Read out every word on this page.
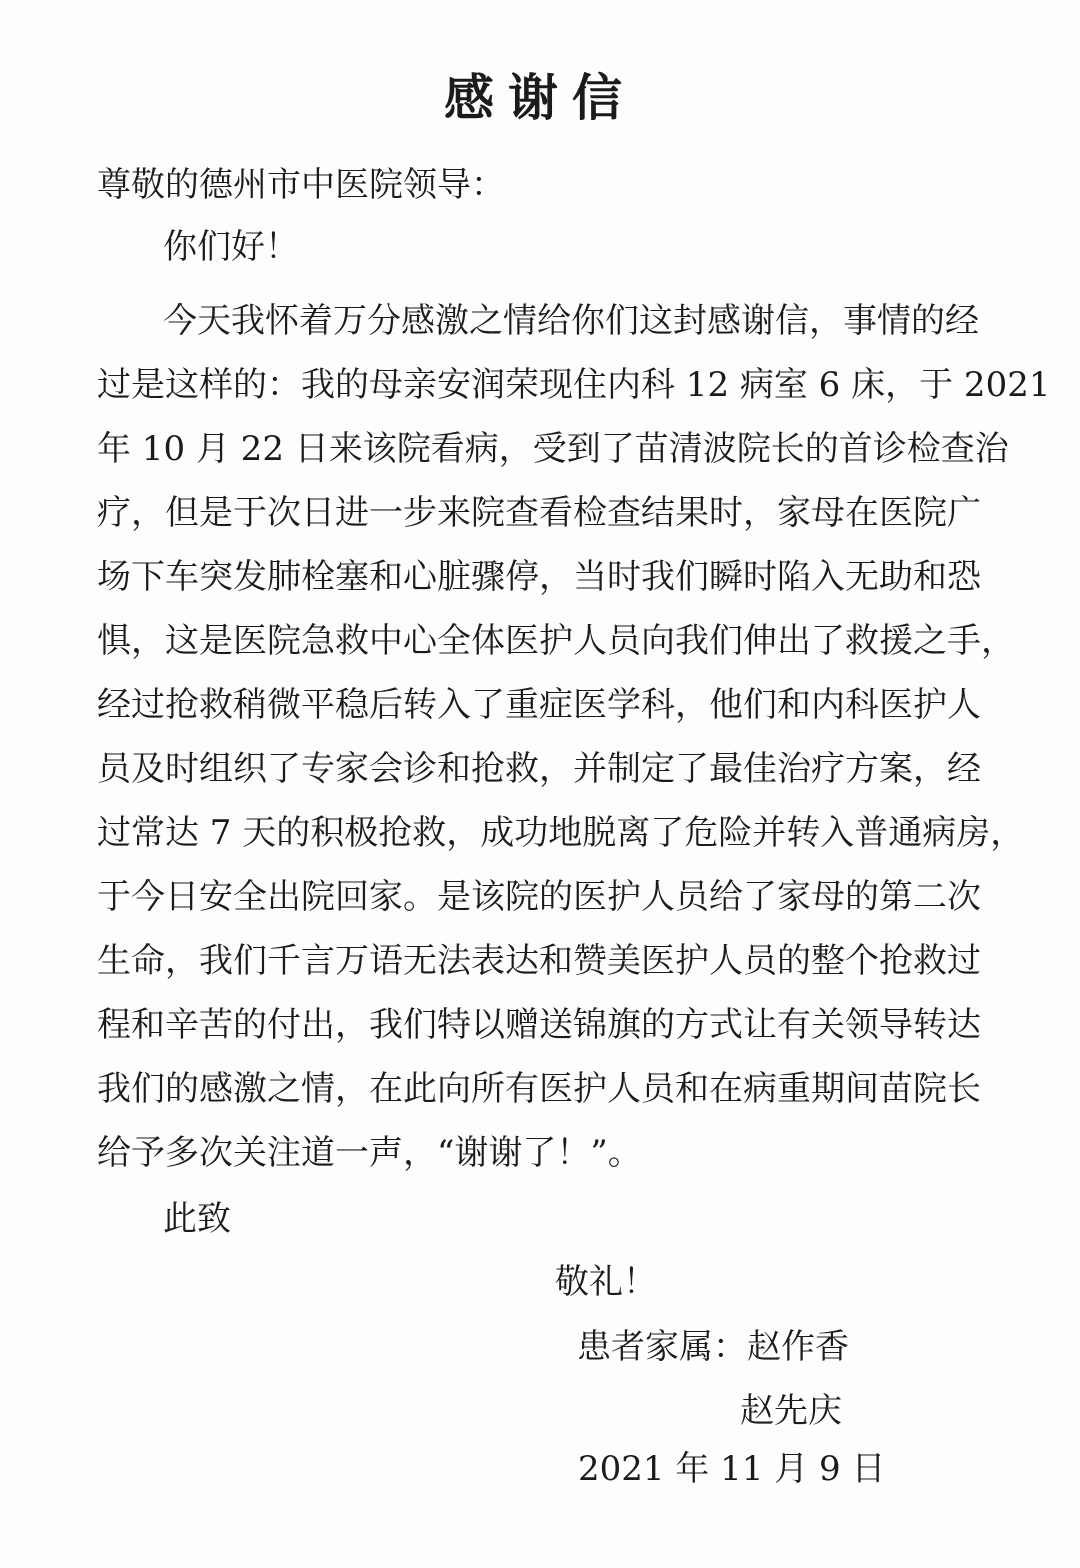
感谢信
尊敬的德州市中医院领导：
你们好！
今天我怀着万分感激之情给你们这封感谢信，事情的经
过是这样的：我的母亲安润荣现住内科 12 病室 6 床，于 2021
年 10 月 22 日来该院看病，受到了苗清波院长的首诊检查治
疗，但是于次日进一步来院查看检查结果时，家母在医院广
场下车突发肺栓塞和心脏骤停，当时我们瞬时陷入无助和恐
惧，这是医院急救中心全体医护人员向我们伸出了救援之手，
经过抢救稍微平稳后转入了重症医学科，他们和内科医护人
员及时组织了专家会诊和抢救，并制定了最佳治疗方案，经
过常达 7 天的积极抢救，成功地脱离了危险并转入普通病房，
于今日安全出院回家。是该院的医护人员给了家母的第二次
生命，我们千言万语无法表达和赞美医护人员的整个抢救过
程和辛苦的付出，我们特以赠送锦旗的方式让有关领导转达
我们的感激之情，在此向所有医护人员和在病重期间苗院长
给予多次关注道一声，“谢谢了！”。
此致
敬礼！
患者家属：赵作香
赵先庆
2021 年 11 月 9 日
